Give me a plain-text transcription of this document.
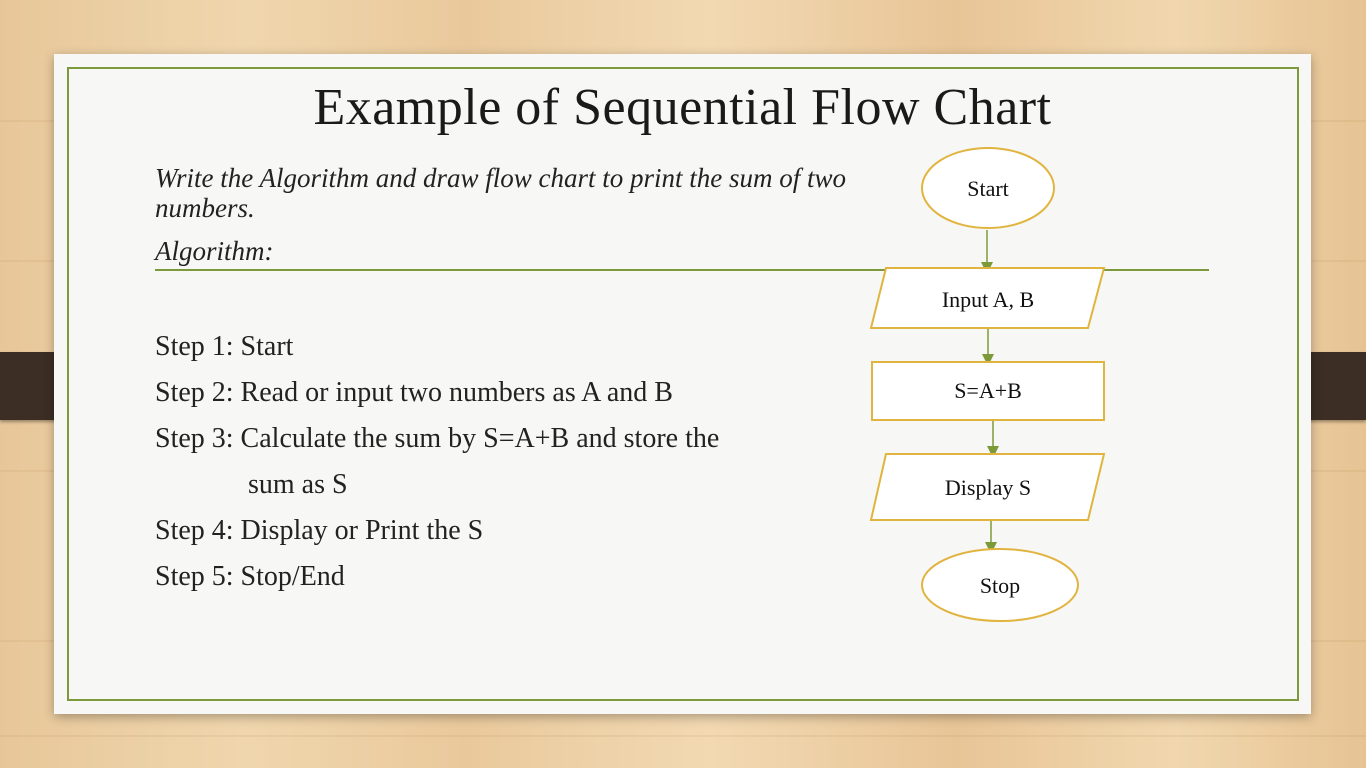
Example of Sequential Flow Chart

Write the Algorithm and draw flow chart to print the sum of two numbers.

Algorithm:
Step 1: Start
Step 2: Read or input two numbers as A and B
Step 3: Calculate the sum by S=A+B and store the
sum as S
Step 4: Display or Print the S
Step 5: Stop/End
Start
Input A, B
S=A+B
Display S
Stop
